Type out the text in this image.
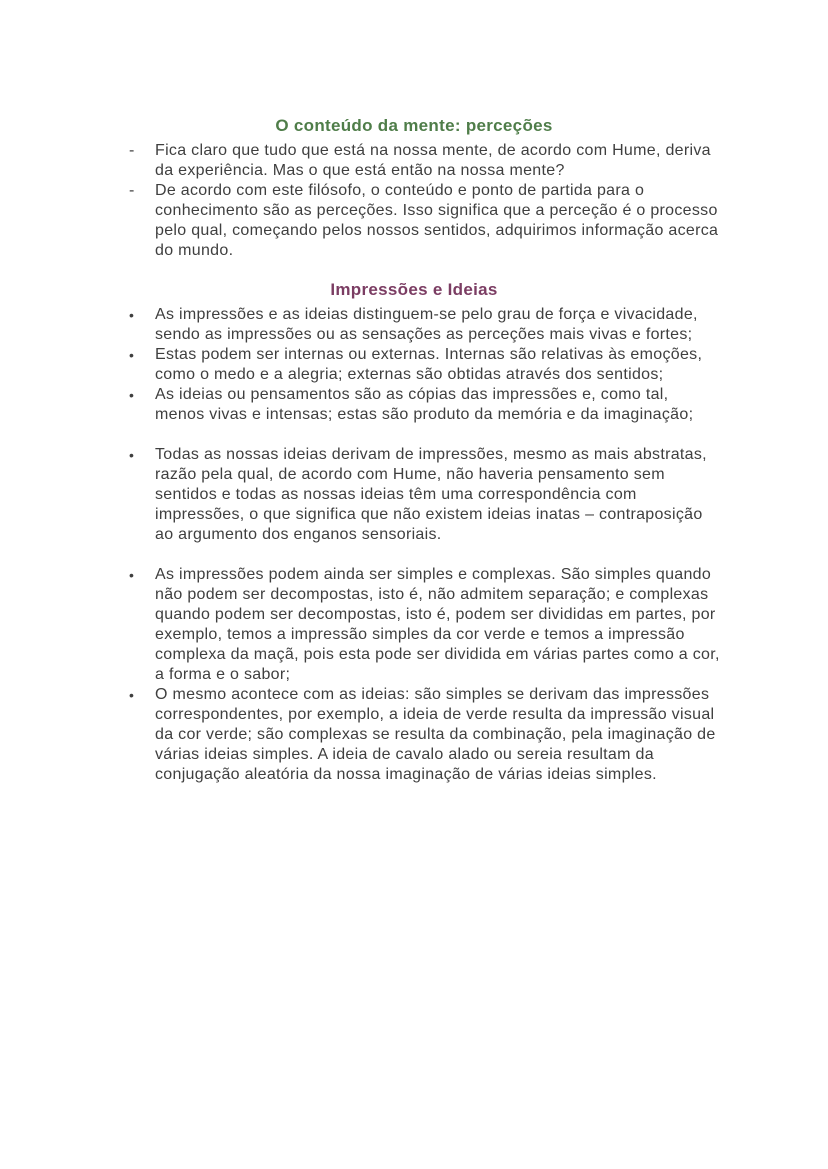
O conteúdo da mente: perceções
-	Fica claro que tudo que está na nossa mente, de acordo com Hume, deriva da experiência. Mas o que está então na nossa mente?
-	De acordo com este filósofo, o conteúdo e ponto de partida para o conhecimento são as perceções. Isso significa que a perceção é o processo pelo qual, começando pelos nossos sentidos, adquirimos informação acerca do mundo.
Impressões e Ideias
•	As impressões e as ideias distinguem-se pelo grau de força e vivacidade, sendo as impressões ou as sensações as perceções mais vivas e fortes;
•	Estas podem ser internas ou externas. Internas são relativas às emoções, como o medo e a alegria; externas são obtidas através dos sentidos;
•	As ideias ou pensamentos são as cópias das impressões e, como tal, menos vivas e intensas; estas são produto da memória e da imaginação;
•	Todas as nossas ideias derivam de impressões, mesmo as mais abstratas, razão pela qual, de acordo com Hume, não haveria pensamento sem sentidos e todas as nossas ideias têm uma correspondência com impressões, o que significa que não existem ideias inatas – contraposição ao argumento dos enganos sensoriais.
•	As impressões podem ainda ser simples e complexas. São simples quando não podem ser decompostas, isto é, não admitem separação; e complexas quando podem ser decompostas, isto é, podem ser divididas em partes, por exemplo, temos a impressão simples da cor verde e temos a impressão complexa da maçã, pois esta pode ser dividida em várias partes como a cor, a forma e o sabor;
•	O mesmo acontece com as ideias: são simples se derivam das impressões correspondentes, por exemplo, a ideia de verde resulta da impressão visual da cor verde; são complexas se resulta da combinação, pela imaginação de várias ideias simples. A ideia de cavalo alado ou sereia resultam da conjugação aleatória da nossa imaginação de várias ideias simples.
